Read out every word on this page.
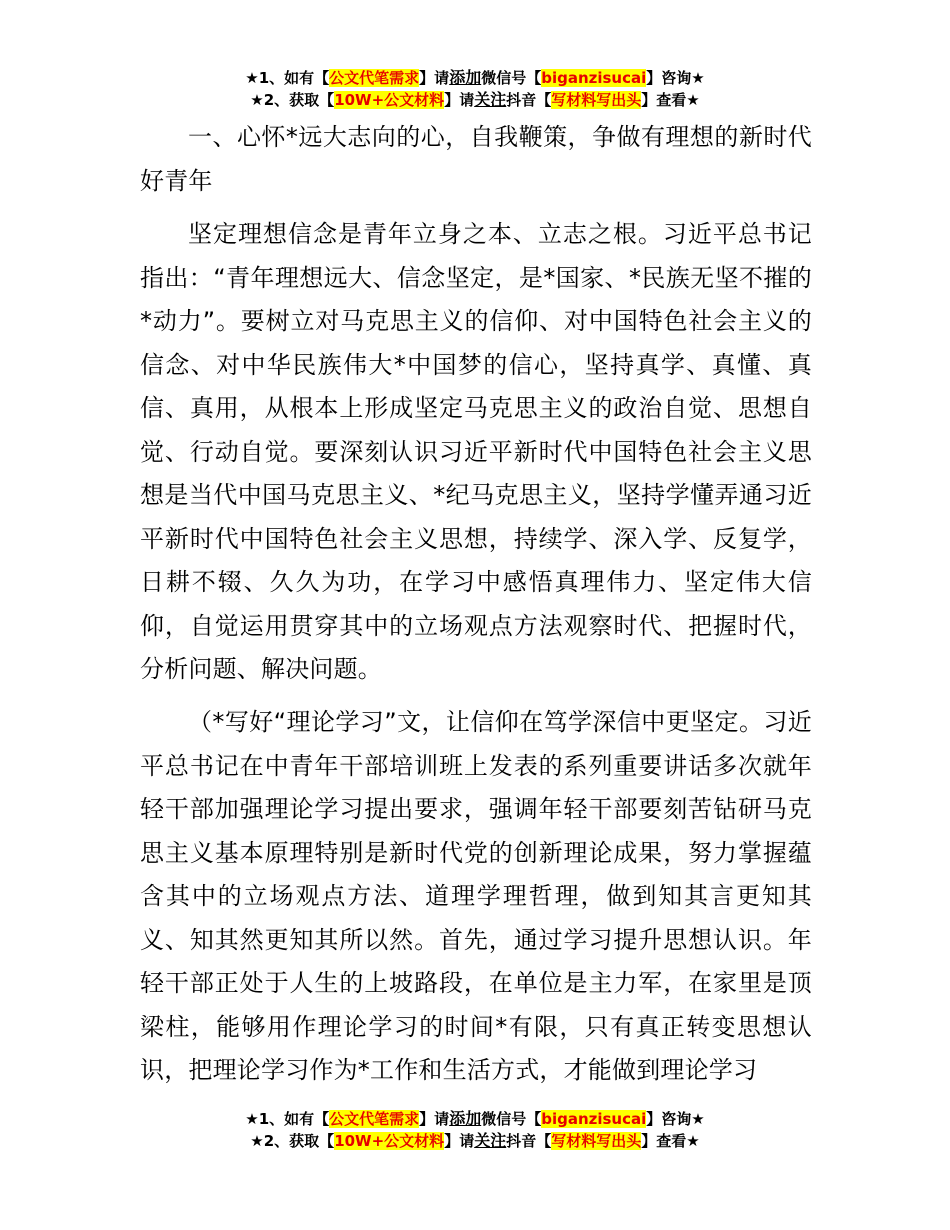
★1、如有【公文代笔需求】请添加微信号【biganzisucai】咨询★
★2、获取【10W+公文材料】请关注抖音【写材料写出头】查看★

一、心怀*远大志向的心，自我鞭策，争做有理想的新时代好青年

坚定理想信念是青年立身之本、立志之根。习近平总书记指出：“青年理想远大、信念坚定，是*国家、*民族无坚不摧的*动力”。要树立对马克思主义的信仰、对中国特色社会主义的信念、对中华民族伟大*中国梦的信心，坚持真学、真懂、真信、真用，从根本上形成坚定马克思主义的政治自觉、思想自觉、行动自觉。要深刻认识习近平新时代中国特色社会主义思想是当代中国马克思主义、*纪马克思主义，坚持学懂弄通习近平新时代中国特色社会主义思想，持续学、深入学、反复学，日耕不辍、久久为功，在学习中感悟真理伟力、坚定伟大信仰，自觉运用贯穿其中的立场观点方法观察时代、把握时代，分析问题、解决问题。

（*写好“理论学习”文，让信仰在笃学深信中更坚定。习近平总书记在中青年干部培训班上发表的系列重要讲话多次就年轻干部加强理论学习提出要求，强调年轻干部要刻苦钻研马克思主义基本原理特别是新时代党的创新理论成果，努力掌握蕴含其中的立场观点方法、道理学理哲理，做到知其言更知其义、知其然更知其所以然。首先，通过学习提升思想认识。年轻干部正处于人生的上坡路段，在单位是主力军，在家里是顶梁柱，能够用作理论学习的时间*有限，只有真正转变思想认识，把理论学习作为*工作和生活方式，才能做到理论学习

★1、如有【公文代笔需求】请添加微信号【biganzisucai】咨询★
★2、获取【10W+公文材料】请关注抖音【写材料写出头】查看★
